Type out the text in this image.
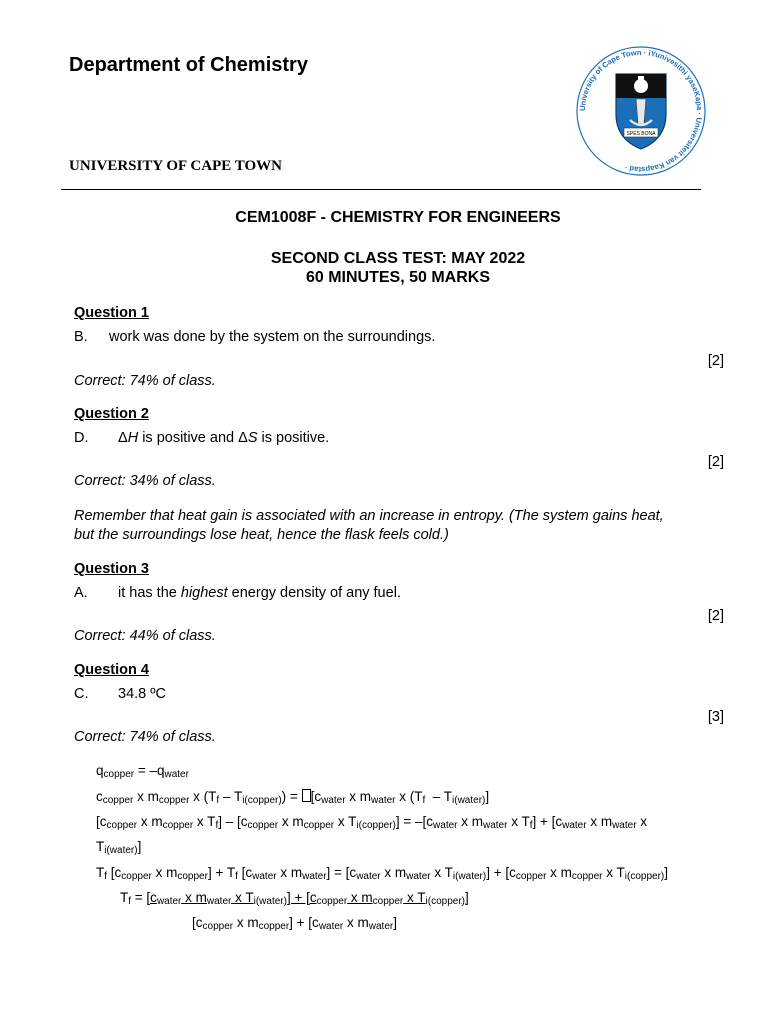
Department of Chemistry
University of Cape Town · iYunivesithi yaseKapa · Universiteit van Kaapstad ·
SPES BONA
UNIVERSITY OF CAPE TOWN
CEM1008F - CHEMISTRY FOR ENGINEERS
SECOND CLASS TEST: MAY 2022
60 MINUTES, 50 MARKS
Question 1
B. work was done by the system on the surroundings.
[2]
Correct: 74% of class.
Question 2
D. ΔH is positive and ΔS is positive.
[2]
Correct: 34% of class.
Remember that heat gain is associated with an increase in entropy. (The system gains heat,
but the surroundings lose heat, hence the flask feels cold.)
Question 3
A. it has the highest energy density of any fuel.
[2]
Correct: 44% of class.
Question 4
C. 34.8 ºC
[3]
Correct: 74% of class.
$q_{copper} = -q_{water}$
$c_{copper}$ x $m_{copper}$ x $(T_f - T_{i(copper)}) = [c_{water}$ x $m_{water}$ x $(T_f - T_{i(water)}]$
[$c_{copper}$ x $m_{copper}$ x $T_f] - [c_{copper}$ x $m_{copper}$ x $T_{i(copper)}] = -[c_{water}$ x $m_{water}$ x $T_f] + [c_{water}$ x $m_{water}$ x
$T_{i(water)}$]
$T_f$ [$c_{copper}$ x $m_{copper}] + T_f$ [$c_{water}$ x $m_{water}] = [c_{water}$ x $m_{water}$ x $T_{i(water)}] + [c_{copper}$ x $m_{copper}$ x $T_{i(copper)}$]
$T_f = [c_{water}$ x $m_{water}$ x $T_{i(water)}] + [c_{copper}$ x $m_{copper}$ x $T_{i(copper)}$]
[$c_{copper}$ x $m_{copper}] + [c_{water}$ x $m_{water}$]
